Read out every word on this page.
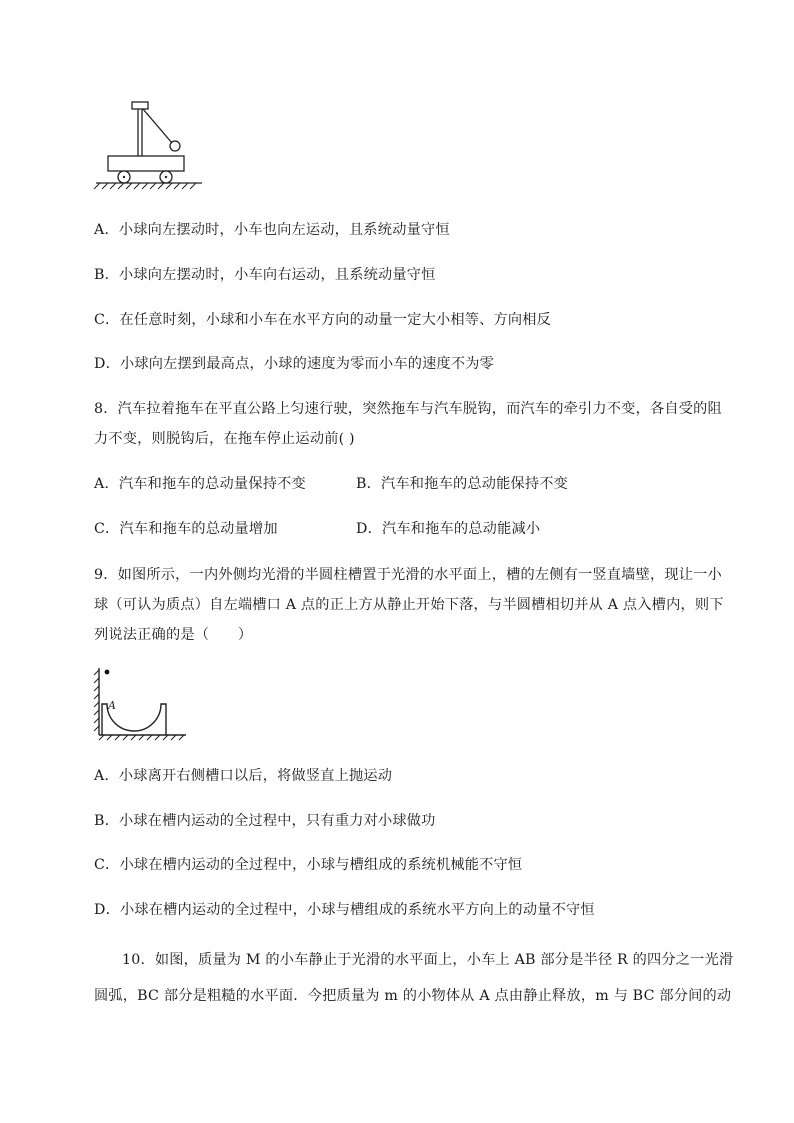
A．小球向左摆动时，小车也向左运动，且系统动量守恒
B．小球向左摆动时，小车向右运动，且系统动量守恒
C．在任意时刻，小球和小车在水平方向的动量一定大小相等、方向相反
D．小球向左摆到最高点，小球的速度为零而小车的速度不为零
8．汽车拉着拖车在平直公路上匀速行驶，突然拖车与汽车脱钩，而汽车的牵引力不变，各自受的阻
力不变，则脱钩后，在拖车停止运动前( )
A．汽车和拖车的总动量保持不变	B．汽车和拖车的总动能保持不变
C．汽车和拖车的总动量增加	D．汽车和拖车的总动能减小
9．如图所示，一内外侧均光滑的半圆柱槽置于光滑的水平面上，槽的左侧有一竖直墙壁，现让一小
球（可认为质点）自左端槽口 A 点的正上方从静止开始下落，与半圆槽相切并从 A 点入槽内，则下
列说法正确的是（　　）
A
A．小球离开右侧槽口以后，将做竖直上抛运动
B．小球在槽内运动的全过程中，只有重力对小球做功
C．小球在槽内运动的全过程中，小球与槽组成的系统机械能不守恒
D．小球在槽内运动的全过程中，小球与槽组成的系统水平方向上的动量不守恒
10．如图，质量为 M 的小车静止于光滑的水平面上，小车上 AB 部分是半径 R 的四分之一光滑
圆弧，BC 部分是粗糙的水平面．今把质量为 m 的小物体从 A 点由静止释放，m 与 BC 部分间的动
